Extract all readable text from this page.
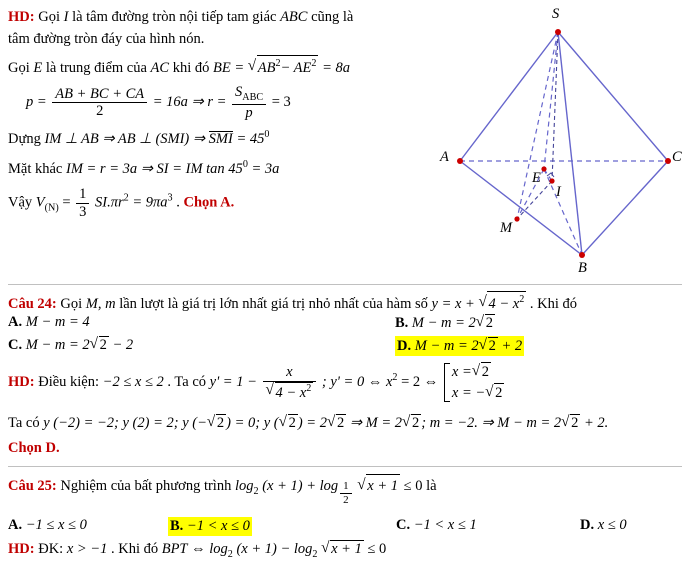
HD: Gọi I là tâm đường tròn nội tiếp tam giác ABC cũng là
tâm đường tròn đáy của hình nón.
Gọi E là trung điểm của AC khi đó BE = √ $AB^2- AE^2 = 8a$
$p = \frac{AB + BC + CA}{2} = 16a$ ⇒ $r = \frac{S_{ABC}}{p} = 3$
Dựng IM ⊥ AB ⇒ AB ⊥ (SMI) ⇒ SMI = $45^0$
Mặt khác IM = r = 3a ⇒ SI = IM $\tan 45^0 = 3a$
Vậy $V_{(N)} = \frac{1}{3} SI.\pi r^2 = 9\pi a^3$ . Chọn A.
S
A	C
B
E
I
M
Câu 24: Gọi M, m lần lượt là giá trị lớn nhất giá trị nhỏ nhất của hàm số y = x + √ $4 - x^2$ . Khi đó
A. M − m = 4	B. M − m = 2 √ 2
C. M − m = 2 √ 2 − 2	D. M − m = 2 √ 2 + 2
HD: Điều kiện: −2 ≤ x ≤ 2 . Ta có y' = 1 − x
√ $4 - x^2$ ; y' = 0 ⇔ $x^2 = 2$ ⇔
x = √ 2
x = − √ 2
Ta có y (−2) = −2; y (2) = 2; y (− √ 2 ) = 0; y ( √ 2 ) = 2 √ 2 ⇒ M = 2 √ 2 ; m = −2. ⇒ M − m = 2 √ 2 + 2.
Chọn D.
Câu 25: Nghiệm của bất phương trình $\log_2 (x + 1) + \log _{\frac{1}{2}}$ √ x + 1 ≤ 0 là
A. −1 ≤ x ≤ 0	B. −1 < x ≤ 0	C. −1 < x ≤ 1	D. x ≤ 0
HD: ĐK: x > −1 . Khi đó BPT ⇔ $\log_2 (x + 1) - \log_2$ √ x + 1 ≤ 0
